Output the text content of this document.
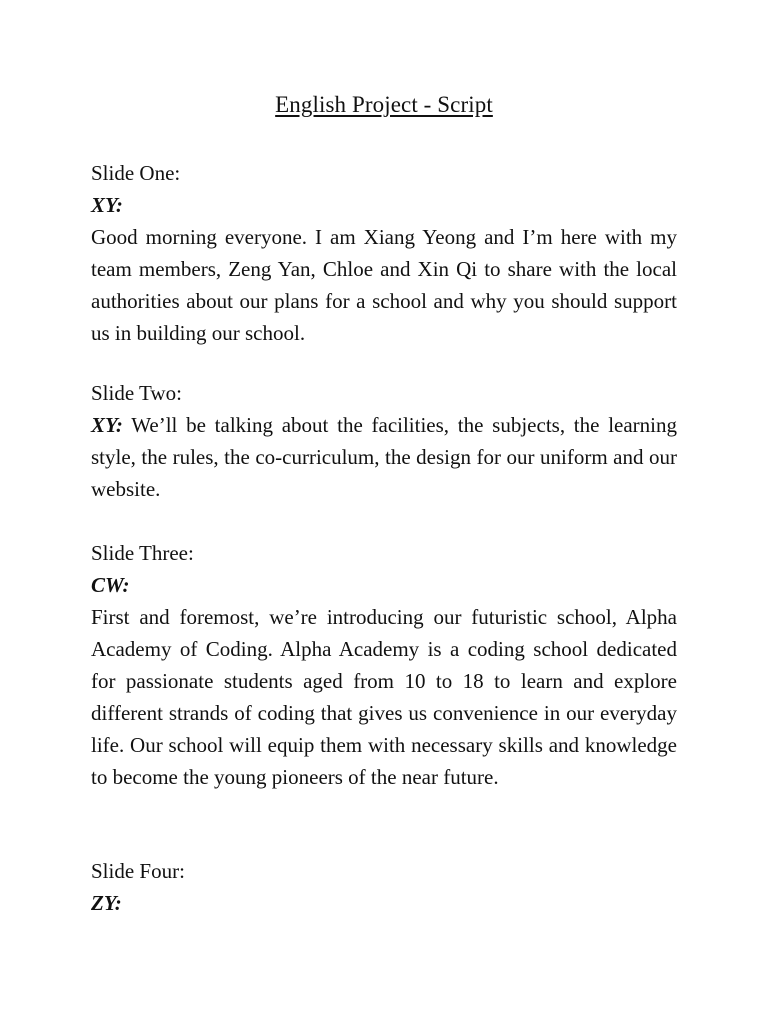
English Project - Script
Slide One:
XY:

Good morning everyone. I am Xiang Yeong and I’m here with my team members, Zeng Yan, Chloe and Xin Qi to share with the local authorities about our plans for a school and why you should support us in building our school.

Slide Two:

XY: We’ll be talking about the facilities, the subjects, the learning style, the rules, the co-curriculum, the design for our uniform and our website.

Slide Three:
CW:

First and foremost, we’re introducing our futuristic school, Alpha Academy of Coding. Alpha Academy is a coding school dedicated for passionate students aged from 10 to 18 to learn and explore different strands of coding that gives us convenience in our everyday life. Our school will equip them with necessary skills and knowledge to become the young pioneers of the near future.

Slide Four:
ZY:
